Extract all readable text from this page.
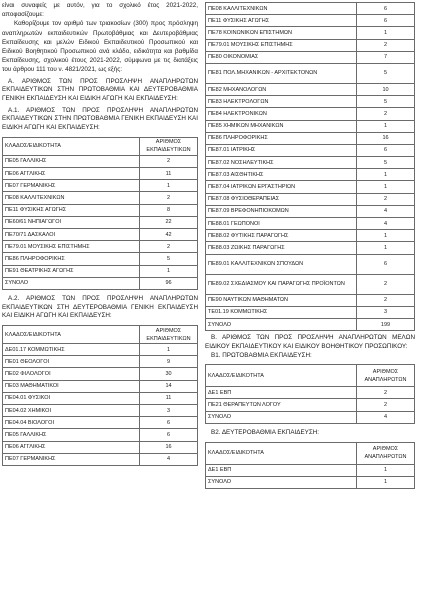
είναι συναφείς με αυτόν, για το σχολικό έτος 2021-2022, αποφασίζουμε:

Καθορίζουμε τον αριθμό των τριακοσίων (300) προς πρόσληψη αναπληρωτών εκπαιδευτικών Πρωτοβάθμιας και Δευτεροβάθμιας Εκπαίδευσης και μελών Ειδικού Εκπαιδευτικού Προσωπικού και Ειδικού Βοηθητικού Προσωπικού ανά κλάδο, ειδικότητα και βαθμίδα Εκπαίδευσης, σχολικού έτους 2021-2022, σύμφωνα με τις διατάξεις του άρθρου 111 του ν. 4821/2021, ως εξής:

Α. ΑΡΙΘΜΟΣ ΤΩΝ ΠΡΟΣ ΠΡΟΣΛΗΨΗ ΑΝΑΠΛΗΡΩΤΩΝ ΕΚΠΑΙΔΕΥΤΙΚΩΝ ΣΤΗΝ ΠΡΩΤΟΒΑΘΜΙΑ ΚΑΙ ΔΕΥΤΕΡΟΒΑΘΜΙΑ ΓΕΝΙΚΗ ΕΚΠΑΙΔΕΥΣΗ ΚΑΙ ΕΙΔΙΚΗ ΑΓΩΓΗ ΚΑΙ ΕΚΠΑΙΔΕΥΣΗ:

Α.1. ΑΡΙΘΜΟΣ ΤΩΝ ΠΡΟΣ ΠΡΟΣΛΗΨΗ ΑΝΑΠΛΗΡΩΤΩΝ ΕΚΠΑΙΔΕΥΤΙΚΩΝ ΣΤΗΝ ΠΡΩΤΟΒΑΘΜΙΑ ΓΕΝΙΚΗ ΕΚΠΑΙΔΕΥΣΗ ΚΑΙ ΕΙΔΙΚΗ ΑΓΩΓΗ ΚΑΙ ΕΚΠΑΙΔΕΥΣΗ:

ΚΛΑΔΟΣ/ΕΙΔΙΚΟΤΗΤΑ	ΑΡΙΘΜΟΣ ΕΚΠΑΙΔΕΥΤΙΚΩΝ
ΠΕ05 ΓΑΛΛΙΚΗΣ	2
ΠΕ06 ΑΓΓΛΙΚΗΣ	11
ΠΕ07 ΓΕΡΜΑΝΙΚΗΣ	1
ΠΕ08 ΚΑΛΛΙΤΕΧΝΙΚΩΝ	2
ΠΕ11 ΦΥΣΙΚΗΣ ΑΓΩΓΗΣ	8
ΠΕ60/61 ΝΗΠΙΑΓΩΓΟΙ	22
ΠΕ70/71 ΔΑΣΚΑΛΟΙ	42
ΠΕ79.01 ΜΟΥΣΙΚΗΣ ΕΠΙΣΤΗΜΗΣ	2
ΠΕ86 ΠΛΗΡΟΦΟΡΙΚΗΣ	5
ΠΕ91 ΘΕΑΤΡΙΚΗΣ ΑΓΩΓΗΣ	1
ΣΥΝΟΛΟ	96

Α.2. ΑΡΙΘΜΟΣ ΤΩΝ ΠΡΟΣ ΠΡΟΣΛΗΨΗ ΑΝΑΠΛΗΡΩΤΩΝ ΕΚΠΑΙΔΕΥΤΙΚΩΝ ΣΤΗ ΔΕΥΤΕΡΟΒΑΘΜΙΑ ΓΕΝΙΚΗ ΕΚΠΑΙΔΕΥΣΗ ΚΑΙ ΕΙΔΙΚΗ ΑΓΩΓΗ ΚΑΙ ΕΚΠΑΙΔΕΥΣΗ:

ΚΛΑΔΟΣ/ΕΙΔΙΚΟΤΗΤΑ	ΑΡΙΘΜΟΣ ΕΚΠΑΙΔΕΥΤΙΚΩΝ
ΔΕ01.17 ΚΟΜΜΩΤΙΚΗΣ	1
ΠΕ01 ΘΕΟΛΟΓΟΙ	9
ΠΕ02 ΦΙΛΟΛΟΓΟΙ	30
ΠΕ03 ΜΑΘΗΜΑΤΙΚΟΙ	14
ΠΕ04.01 ΦΥΣΙΚΟΙ	11
ΠΕ04.02 ΧΗΜΙΚΟΙ	3
ΠΕ04.04 ΒΙΟΛΟΓΟΙ	6
ΠΕ05 ΓΑΛΛΙΚΗΣ	6
ΠΕ06 ΑΓΓΛΙΚΗΣ	16
ΠΕ07 ΓΕΡΜΑΝΙΚΗΣ	4
ΠΕ08 ΚΑΛΛΙΤΕΧΝΙΚΩΝ	6
ΠΕ11 ΦΥΣΙΚΗΣ ΑΓΩΓΗΣ	6
ΠΕ78 ΚΟΙΝΩΝΙΚΩΝ ΕΠΙΣΤΗΜΩΝ	1
ΠΕ79.01 ΜΟΥΣΙΚΗΣ ΕΠΙΣΤΗΜΗΣ	2
ΠΕ80 ΟΙΚΟΝΟΜΙΑΣ	7
ΠΕ81 ΠΟΛ.ΜΗΧΑΝΙΚΩΝ - ΑΡΧΙΤΕΚΤΟΝΩΝ	5
ΠΕ82 ΜΗΧΑΝΟΛΟΓΩΝ	10
ΠΕ83 ΗΛΕΚΤΡΟΛΟΓΩΝ	5
ΠΕ84 ΗΛΕΚΤΡΟΝΙΚΩΝ	2
ΠΕ85 ΧΗΜΙΚΩΝ ΜΗΧΑΝΙΚΩΝ	1
ΠΕ86 ΠΛΗΡΟΦΟΡΙΚΗΣ	16
ΠΕ87.01 ΙΑΤΡΙΚΗΣ	6
ΠΕ87.02 ΝΟΣΗΛΕΥΤΙΚΗΣ	5
ΠΕ87.03 ΑΙΣΘΗΤΙΚΗΣ	1
ΠΕ87.04 ΙΑΤΡΙΚΩΝ ΕΡΓΑΣΤΗΡΙΩΝ	1
ΠΕ87.08 ΦΥΣΙΟΘΕΡΑΠΕΙΑΣ	2
ΠΕ87.09 ΒΡΕΦΟΝΗΠΙΟΚΟΜΩΝ	4
ΠΕ88.01 ΓΕΩΠΟΝΟΙ	4
ΠΕ88.02 ΦΥΤΙΚΗΣ ΠΑΡΑΓΩΓΗΣ	1
ΠΕ88.03 ΖΩΙΚΗΣ ΠΑΡΑΓΩΓΗΣ	1
ΠΕ89.01 ΚΑΛΛΙΤΕΧΝΙΚΩΝ ΣΠΟΥΔΩΝ	6
ΠΕ89.02 ΣΧΕΔΙΑΣΜΟΥ ΚΑΙ ΠΑΡΑΓΩΓΗΣ ΠΡΟΪΟΝΤΩΝ	2
ΠΕ90 ΝΑΥΤΙΚΩΝ ΜΑΘΗΜΑΤΩΝ	2
ΤΕ01.19 ΚΟΜΜΩΤΙΚΗΣ	3
ΣΥΝΟΛΟ	199

Β. ΑΡΙΘΜΟΣ ΤΩΝ ΠΡΟΣ ΠΡΟΣΛΗΨΗ ΑΝΑΠΛΗΡΩΤΩΝ ΜΕΛΩΝ ΕΙΔΙΚΟΥ ΕΚΠΑΙΔΕΥΤΙΚΟΥ ΚΑΙ ΕΙΔΙΚΟΥ ΒΟΗΘΗΤΙΚΟΥ ΠΡΟΣΩΠΙΚΟΥ:

Β1. ΠΡΩΤΟΒΑΘΜΙΑ ΕΚΠΑΙΔΕΥΣΗ:

ΚΛΑΔΟΣ/ΕΙΔΙΚΟΤΗΤΑ	ΑΡΙΘΜΟΣ ΑΝΑΠΛΗΡΩΤΩΝ
ΔΕ1 ΕΒΠ	2
ΠΕ21 ΘΕΡΑΠΕΥΤΩΝ ΛΟΓΟΥ	2
ΣΥΝΟΛΟ	4

Β2. ΔΕΥΤΕΡΟΒΑΘΜΙΑ ΕΚΠΑΙΔΕΥΣΗ:

ΚΛΑΔΟΣ/ΕΙΔΙΚΟΤΗΤΑ	ΑΡΙΘΜΟΣ ΑΝΑΠΛΗΡΩΤΩΝ
ΔΕ1 ΕΒΠ	1
ΣΥΝΟΛΟ	1
